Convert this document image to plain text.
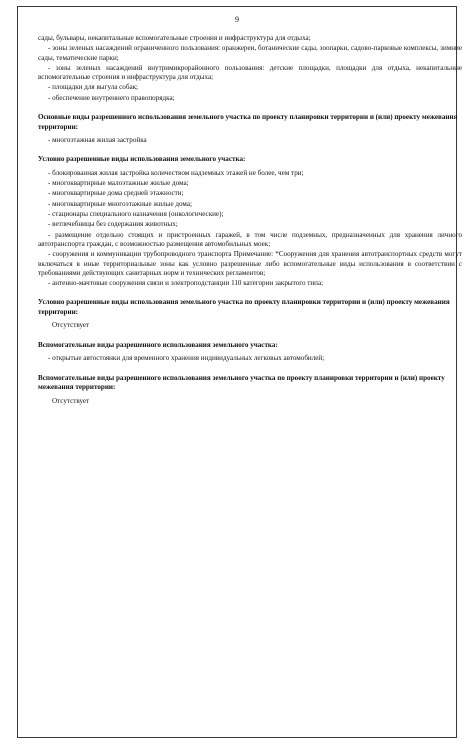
9

сады, бульвары, некапитальные вспомогательные строения и инфраструктура для отдыха;

- зоны зеленых насаждений ограниченного пользования: оранжереи, ботанические сады, зоопарки, садово-парковые комплексы, зимние сады, тематические парки;

- зоны зеленых насаждений внутримикрорайонного пользования: детские площадки, площадки для отдыха, некапитальные вспомогательные строения и инфраструктура для отдыха;

- площадки для выгула собак;

- обеспечение внутреннего правопорядка;

Основные виды разрешенного использования земельного участка по проекту планировки территории и (или) проекту межевания территории:

- многоэтажная жилая застройка

Условно разрешенные виды использования земельного участка:

- блокированная жилая застройка количеством надземных этажей не более, чем три;

- многоквартирные малоэтажные жилые дома;

- многоквартирные дома средней этажности;

- многоквартирные многоэтажные жилые дома;

- стационары специального назначения (онкологические);

- ветлечебницы без содержания животных;

- размещение отдельно стоящих и пристроенных гаражей, в том числе подземных, предназначенных для хранения личного автотранспорта граждан, с возможностью размещения автомобильных моек;

- сооружения и коммуникации трубопроводного транспорта Примечание: *Сооружения для хранения автотранспортных средств могут включаться в иные территориальные зоны как условно разрешенные либо вспомогательные виды использования в соответствии с требованиями действующих санитарных норм и технических регламентов;

- антенно-мачтовые сооружения связи и электроподстанции 110 категории закрытого типа;

Условно разрешенные виды использования земельного участка по проекту планировки территории и (или) проекту межевания территории:

Отсутствует

Вспомогательные виды разрешенного использования земельного участка:

- открытые автостоянки для временного хранения индивидуальных легковых автомобилей;

Вспомогательные виды разрешенного использования земельного участка по проекту планировки территории и (или) проекту межевания территории:

Отсутствует
